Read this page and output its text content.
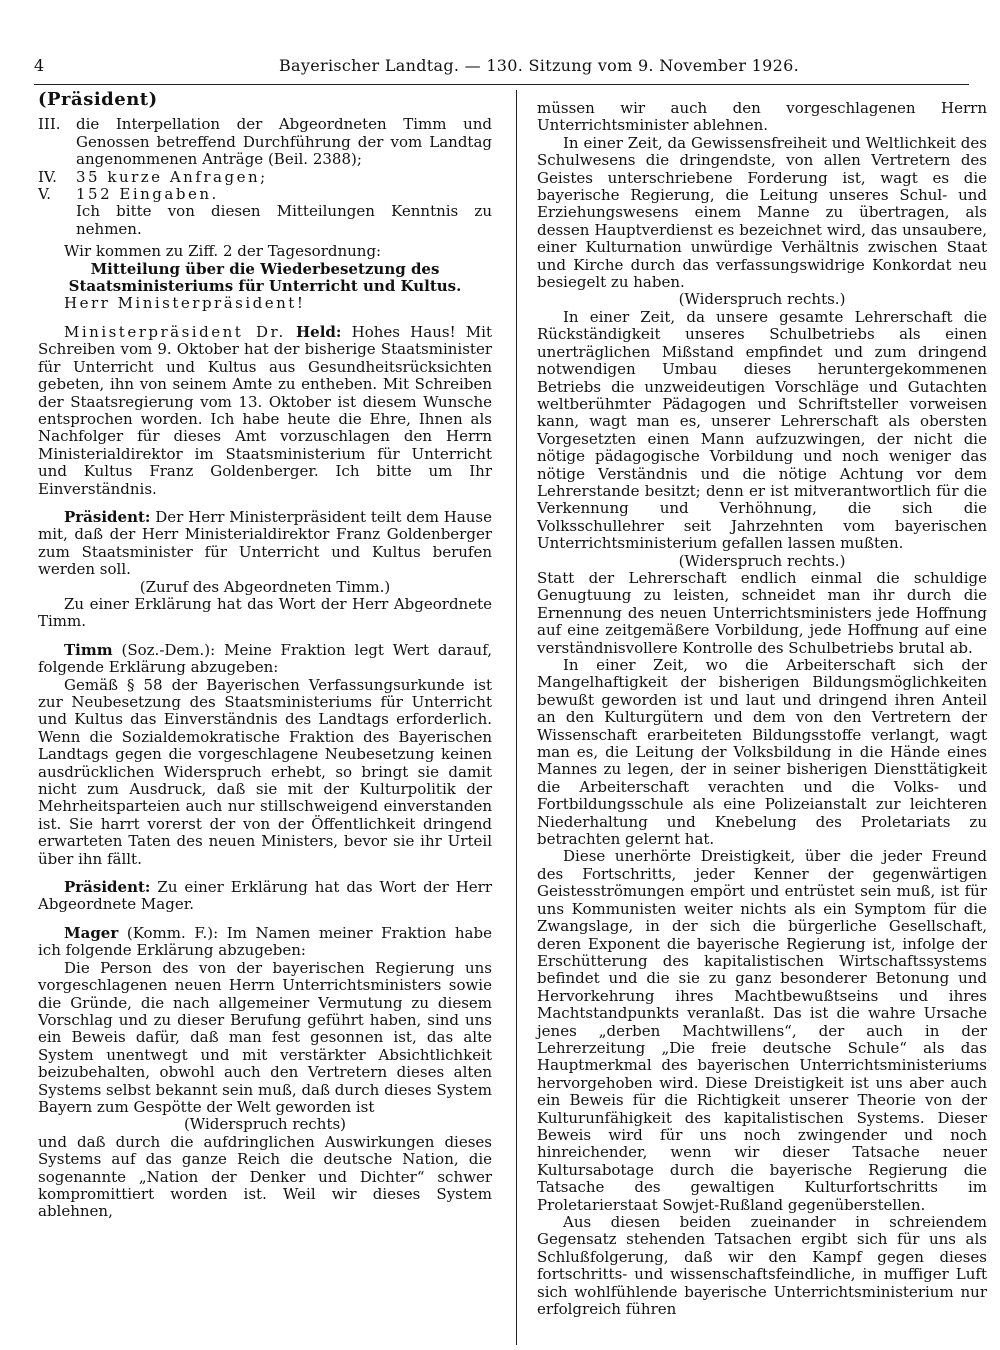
4	Bayerischer Landtag. — 130. Sitzung vom 9. November 1926.

(Präsident)

III.	die Interpellation der Abgeordneten Timm und Genossen betreffend Durchführung der vom Landtag angenommenen Anträge (Beil. 2388);
IV.	35 kurze Anfragen;
V.	152 Eingaben.

Ich bitte von diesen Mitteilungen Kenntnis zu nehmen.

Wir kommen zu Ziff. 2 der Tagesordnung:

Mitteilung über die Wiederbesetzung des Staatsministeriums für Unterricht und Kultus.

Herr Ministerpräsident!

Ministerpräsident Dr. Held: Hohes Haus! Mit Schreiben vom 9. Oktober hat der bisherige Staatsminister für Unterricht und Kultus aus Gesundheitsrücksichten gebeten, ihn von seinem Amte zu entheben. Mit Schreiben der Staatsregierung vom 13. Oktober ist diesem Wunsche entsprochen worden. Ich habe heute die Ehre, Ihnen als Nachfolger für dieses Amt vorzuschlagen den Herrn Ministerialdirektor im Staatsministerium für Unterricht und Kultus Franz Goldenberger. Ich bitte um Ihr Einverständnis.

Präsident: Der Herr Ministerpräsident teilt dem Hause mit, daß der Herr Ministerialdirektor Franz Goldenberger zum Staatsminister für Unterricht und Kultus berufen werden soll.

(Zuruf des Abgeordneten Timm.)

Zu einer Erklärung hat das Wort der Herr Abgeordnete Timm.

Timm (Soz.-Dem.): Meine Fraktion legt Wert darauf, folgende Erklärung abzugeben:

Gemäß § 58 der Bayerischen Verfassungsurkunde ist zur Neubesetzung des Staatsministeriums für Unterricht und Kultus das Einverständnis des Landtags erforderlich. Wenn die Sozialdemokratische Fraktion des Bayerischen Landtags gegen die vorgeschlagene Neubesetzung keinen ausdrücklichen Widerspruch erhebt, so bringt sie damit nicht zum Ausdruck, daß sie mit der Kulturpolitik der Mehrheitsparteien auch nur stillschweigend einverstanden ist. Sie harrt vorerst der von der Öffentlichkeit dringend erwarteten Taten des neuen Ministers, bevor sie ihr Urteil über ihn fällt.

Präsident: Zu einer Erklärung hat das Wort der Herr Abgeordnete Mager.

Mager (Komm. F.): Im Namen meiner Fraktion habe ich folgende Erklärung abzugeben:

Die Person des von der bayerischen Regierung uns vorgeschlagenen neuen Herrn Unterrichtsministers sowie die Gründe, die nach allgemeiner Vermutung zu diesem Vorschlag und zu dieser Berufung geführt haben, sind uns ein Beweis dafür, daß man fest gesonnen ist, das alte System unentwegt und mit verstärkter Absichtlichkeit beizubehalten, obwohl auch den Vertretern dieses alten Systems selbst bekannt sein muß, daß durch dieses System Bayern zum Gespötte der Welt geworden ist

(Widerspruch rechts)

und daß durch die aufdringlichen Auswirkungen dieses Systems auf das ganze Reich die deutsche Nation, die sogenannte „Nation der Denker und Dichter“ schwer kompromittiert worden ist. Weil wir dieses System ablehnen,

müssen wir auch den vorgeschlagenen Herrn Unterrichtsminister ablehnen.

In einer Zeit, da Gewissensfreiheit und Weltlichkeit des Schulwesens die dringendste, von allen Vertretern des Geistes unterschriebene Forderung ist, wagt es die bayerische Regierung, die Leitung unseres Schul- und Erziehungswesens einem Manne zu übertragen, als dessen Hauptverdienst es bezeichnet wird, das unsaubere, einer Kulturnation unwürdige Verhältnis zwischen Staat und Kirche durch das verfassungswidrige Konkordat neu besiegelt zu haben.

(Widerspruch rechts.)

In einer Zeit, da unsere gesamte Lehrerschaft die Rückständigkeit unseres Schulbetriebs als einen unerträglichen Mißstand empfindet und zum dringend notwendigen Umbau dieses heruntergekommenen Betriebs die unzweideutigen Vorschläge und Gutachten weltberühmter Pädagogen und Schriftsteller vorweisen kann, wagt man es, unserer Lehrerschaft als obersten Vorgesetzten einen Mann aufzuzwingen, der nicht die nötige pädagogische Vorbildung und noch weniger das nötige Verständnis und die nötige Achtung vor dem Lehrerstande besitzt; denn er ist mitverantwortlich für die Verkennung und Verhöhnung, die sich die Volksschullehrer seit Jahrzehnten vom bayerischen Unterrichtsministerium gefallen lassen mußten.

(Widerspruch rechts.)

Statt der Lehrerschaft endlich einmal die schuldige Genugtuung zu leisten, schneidet man ihr durch die Ernennung des neuen Unterrichtsministers jede Hoffnung auf eine zeitgemäßere Vorbildung, jede Hoffnung auf eine verständnisvollere Kontrolle des Schulbetriebs brutal ab.

In einer Zeit, wo die Arbeiterschaft sich der Mangelhaftigkeit der bisherigen Bildungsmöglichkeiten bewußt geworden ist und laut und dringend ihren Anteil an den Kulturgütern und dem von den Vertretern der Wissenschaft erarbeiteten Bildungsstoffe verlangt, wagt man es, die Leitung der Volksbildung in die Hände eines Mannes zu legen, der in seiner bisherigen Diensttätigkeit die Arbeiterschaft verachten und die Volks- und Fortbildungsschule als eine Polizeianstalt zur leichteren Niederhaltung und Knebelung des Proletariats zu betrachten gelernt hat.

Diese unerhörte Dreistigkeit, über die jeder Freund des Fortschritts, jeder Kenner der gegenwärtigen Geistesströmungen empört und entrüstet sein muß, ist für uns Kommunisten weiter nichts als ein Symptom für die Zwangslage, in der sich die bürgerliche Gesellschaft, deren Exponent die bayerische Regierung ist, infolge der Erschütterung des kapitalistischen Wirtschaftssystems befindet und die sie zu ganz besonderer Betonung und Hervorkehrung ihres Machtbewußtseins und ihres Machtstandpunkts veranlaßt. Das ist die wahre Ursache jenes „derben Machtwillens“, der auch in der Lehrerzeitung „Die freie deutsche Schule“ als das Hauptmerkmal des bayerischen Unterrichtsministeriums hervorgehoben wird. Diese Dreistigkeit ist uns aber auch ein Beweis für die Richtigkeit unserer Theorie von der Kulturunfähigkeit des kapitalistischen Systems. Dieser Beweis wird für uns noch zwingender und noch hinreichender, wenn wir dieser Tatsache neuer Kultursabotage durch die bayerische Regierung die Tatsache des gewaltigen Kulturfortschritts im Proletarierstaat Sowjet-Rußland gegenüberstellen.

Aus diesen beiden zueinander in schreiendem Gegensatz stehenden Tatsachen ergibt sich für uns als Schlußfolgerung, daß wir den Kampf gegen dieses fortschritts- und wissenschaftsfeindliche, in muffiger Luft sich wohlfühlende bayerische Unterrichtsministerium nur erfolgreich führen
